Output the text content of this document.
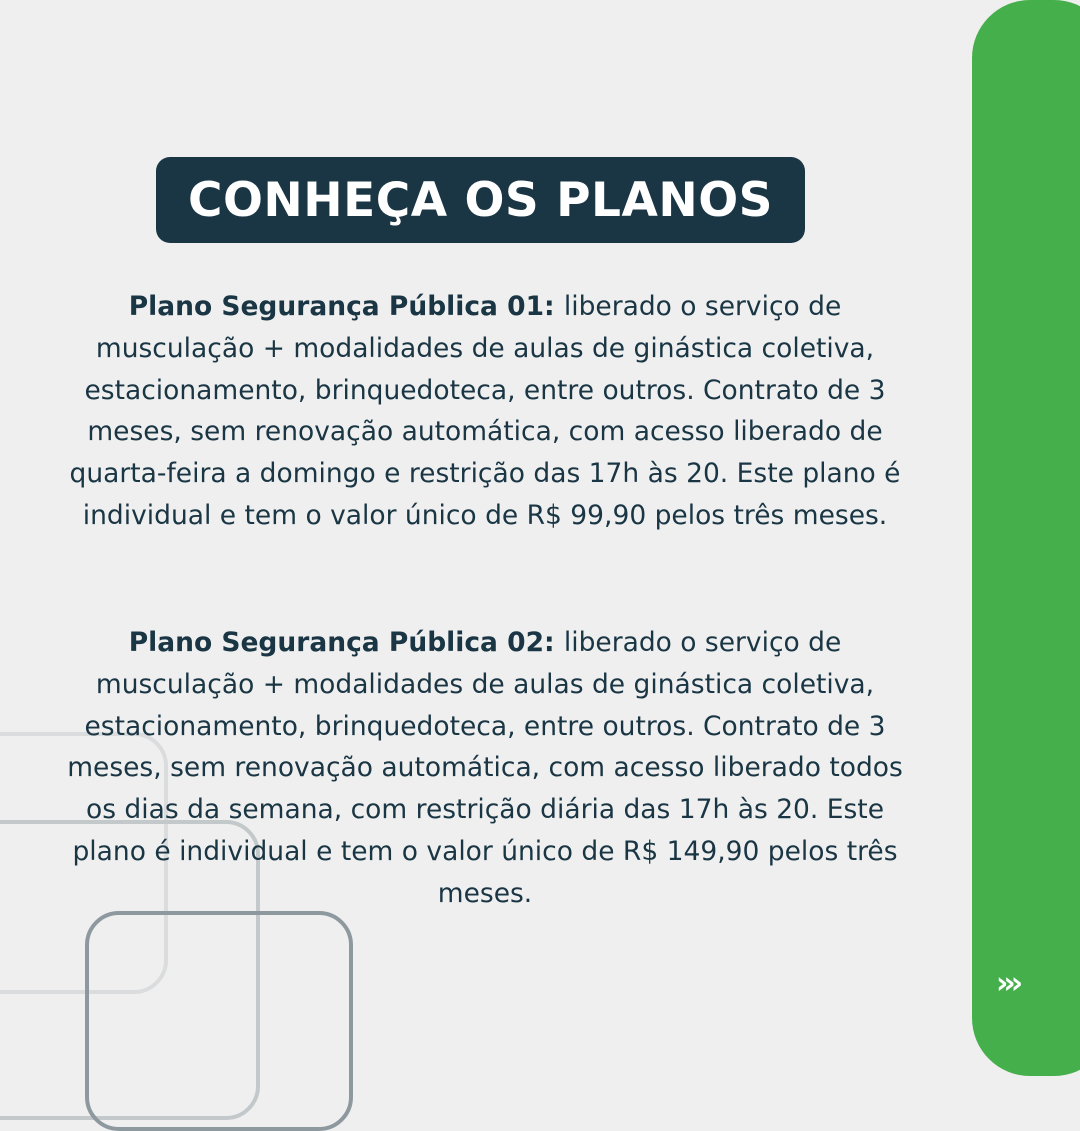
›››
CONHEÇA OS PLANOS
Plano Segurança Pública 01: liberado o serviço de musculação + modalidades de aulas de ginástica coletiva, estacionamento, brinquedoteca, entre outros. Contrato de 3 meses, sem renovação automática, com acesso liberado de quarta-feira a domingo e restrição das 17h às 20. Este plano é individual e tem o valor único de R$ 99,90 pelos três meses.
Plano Segurança Pública 02: liberado o serviço de musculação + modalidades de aulas de ginástica coletiva, estacionamento, brinquedoteca, entre outros. Contrato de 3 meses, sem renovação automática, com acesso liberado todos os dias da semana, com restrição diária das 17h às 20. Este plano é individual e tem o valor único de R$ 149,90 pelos três meses.
